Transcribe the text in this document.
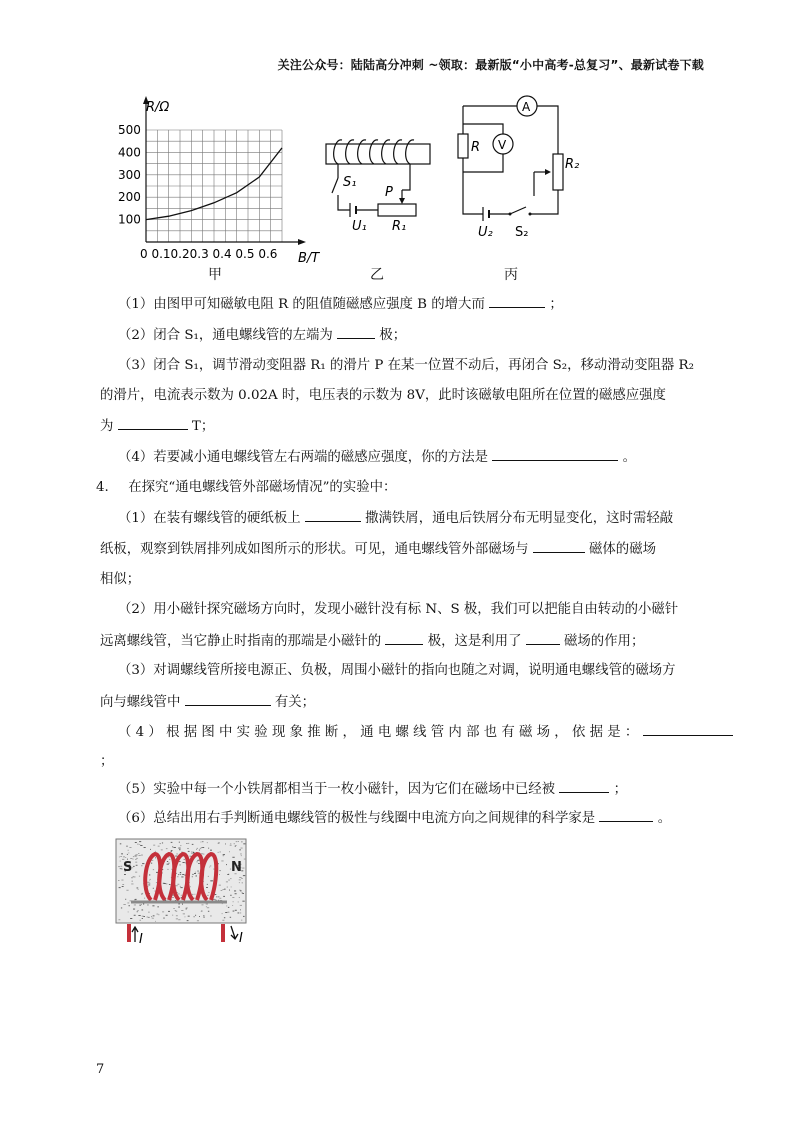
关注公众号：陆陆高分冲刺 ~领取：最新版“小中高考-总复习”、最新试卷下载
100
200
300
400
500
R/Ω
0 0.10.20.3 0.4 0.5 0.6 B/T
S₁
P
U₁ R₁
A
V
R
R₂
U₂ S₂
甲	乙	丙
（1）由图甲可知磁敏电阻 R 的阻值随磁感应强度 B 的增大而	；
（2）闭合 S₁，通电螺线管的左端为	极；
（3）闭合 S₁，调节滑动变阻器 R₁ 的滑片 P 在某一位置不动后，再闭合 S₂，移动滑动变阻器 R₂
的滑片，电流表示数为 0.02A 时，电压表的示数为 8V，此时该磁敏电阻所在位置的磁感应强度
为	T；
（4）若要减小通电螺线管左右两端的磁感应强度，你的方法是	。
4. 在探究“通电螺线管外部磁场情况”的实验中：
（1）在装有螺线管的硬纸板上	撒满铁屑，通电后铁屑分布无明显变化，这时需轻敲
纸板，观察到铁屑排列成如图所示的形状。可见，通电螺线管外部磁场与	磁体的磁场
相似；
（2）用小磁针探究磁场方向时，发现小磁针没有标 N、S 极，我们可以把能自由转动的小磁针
远离螺线管，当它静止时指南的那端是小磁针的	极，这是利用了	磁场的作用；
（3）对调螺线管所接电源正、负极，周围小磁针的指向也随之对调，说明通电螺线管的磁场方
向与螺线管中	有关；
（ 4 ） 根 据 图 中 实 验 现 象 推 断 ， 通 电 螺 线 管 内 部 也 有 磁 场 ， 依 据 是 ：
；
（5）实验中每一个小铁屑都相当于一枚小磁针，因为它们在磁场中已经被	；
（6）总结出用右手判断通电螺线管的极性与线圈中电流方向之间规律的科学家是	。
S	N
I	I
7
